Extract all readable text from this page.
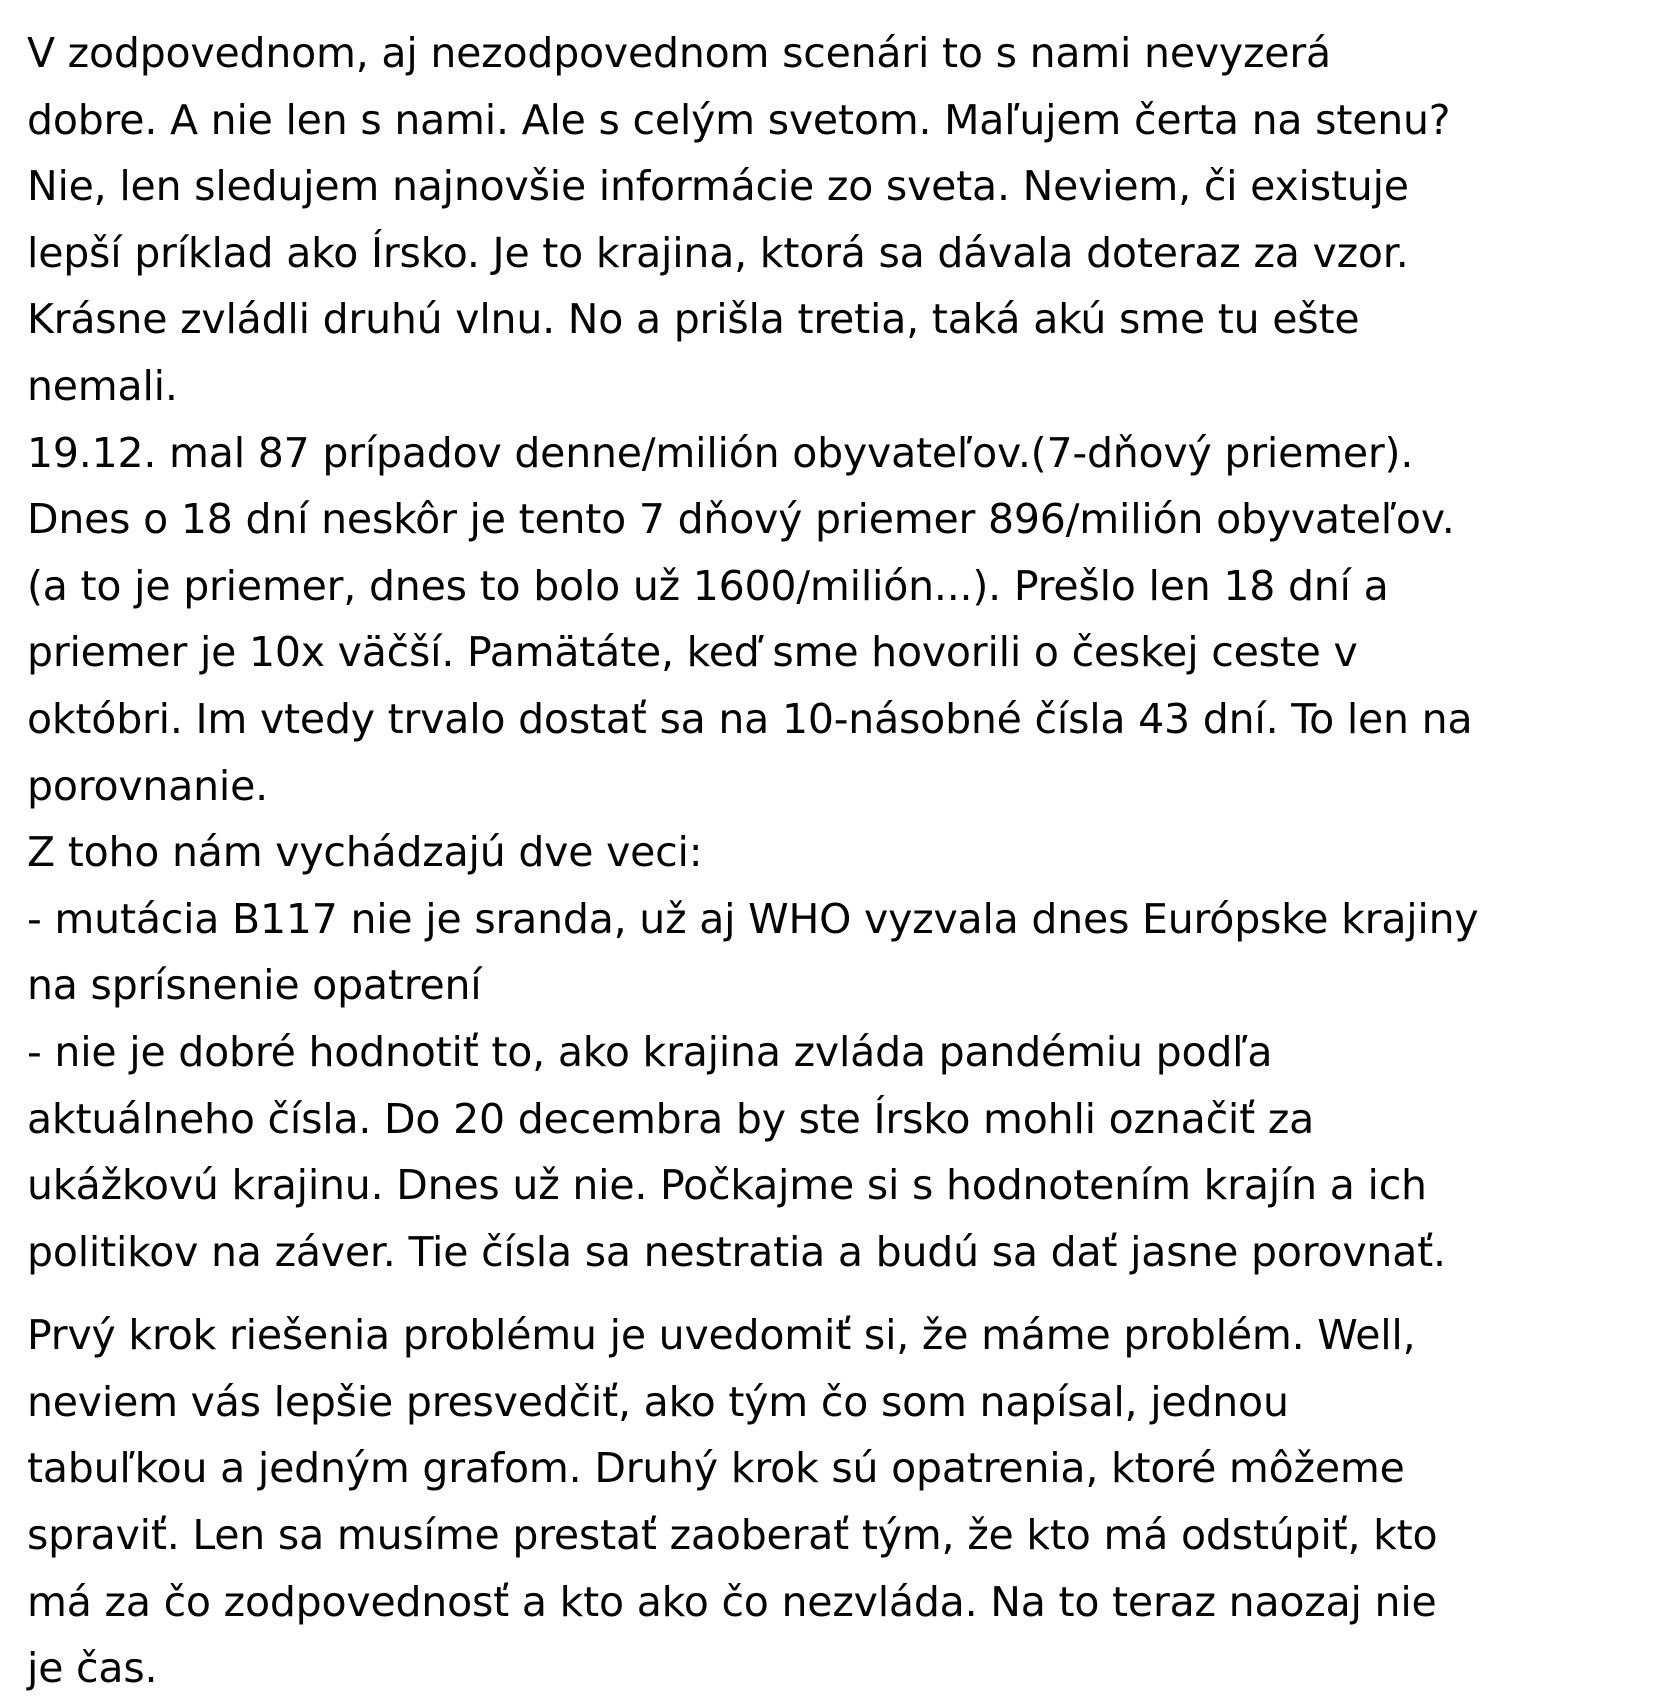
V zodpovednom, aj nezodpovednom scenári to s nami nevyzerá
dobre. A nie len s nami. Ale s celým svetom. Maľujem čerta na stenu?
Nie, len sledujem najnovšie informácie zo sveta. Neviem, či existuje
lepší príklad ako Írsko. Je to krajina, ktorá sa dávala doteraz za vzor.
Krásne zvládli druhú vlnu. No a prišla tretia, taká akú sme tu ešte
nemali.
19.12. mal 87 prípadov denne/milión obyvateľov.(7-dňový priemer).
Dnes o 18 dní neskôr je tento 7 dňový priemer 896/milión obyvateľov.
(a to je priemer, dnes to bolo už 1600/milión...). Prešlo len 18 dní a
priemer je 10x väčší. Pamätáte, keď sme hovorili o českej ceste v
októbri. Im vtedy trvalo dostať sa na 10-násobné čísla 43 dní. To len na
porovnanie.
Z toho nám vychádzajú dve veci:
- mutácia B117 nie je sranda, už aj WHO vyzvala dnes Európske krajiny
na sprísnenie opatrení
- nie je dobré hodnotiť to, ako krajina zvláda pandémiu podľa
aktuálneho čísla. Do 20 decembra by ste Írsko mohli označiť za
ukážkovú krajinu. Dnes už nie. Počkajme si s hodnotením krajín a ich
politikov na záver. Tie čísla sa nestratia a budú sa dať jasne porovnať.
Prvý krok riešenia problému je uvedomiť si, že máme problém. Well,
neviem vás lepšie presvedčiť, ako tým čo som napísal, jednou
tabuľkou a jedným grafom. Druhý krok sú opatrenia, ktoré môžeme
spraviť. Len sa musíme prestať zaoberať tým, že kto má odstúpiť, kto
má za čo zodpovednosť a kto ako čo nezvláda. Na to teraz naozaj nie
je čas.
